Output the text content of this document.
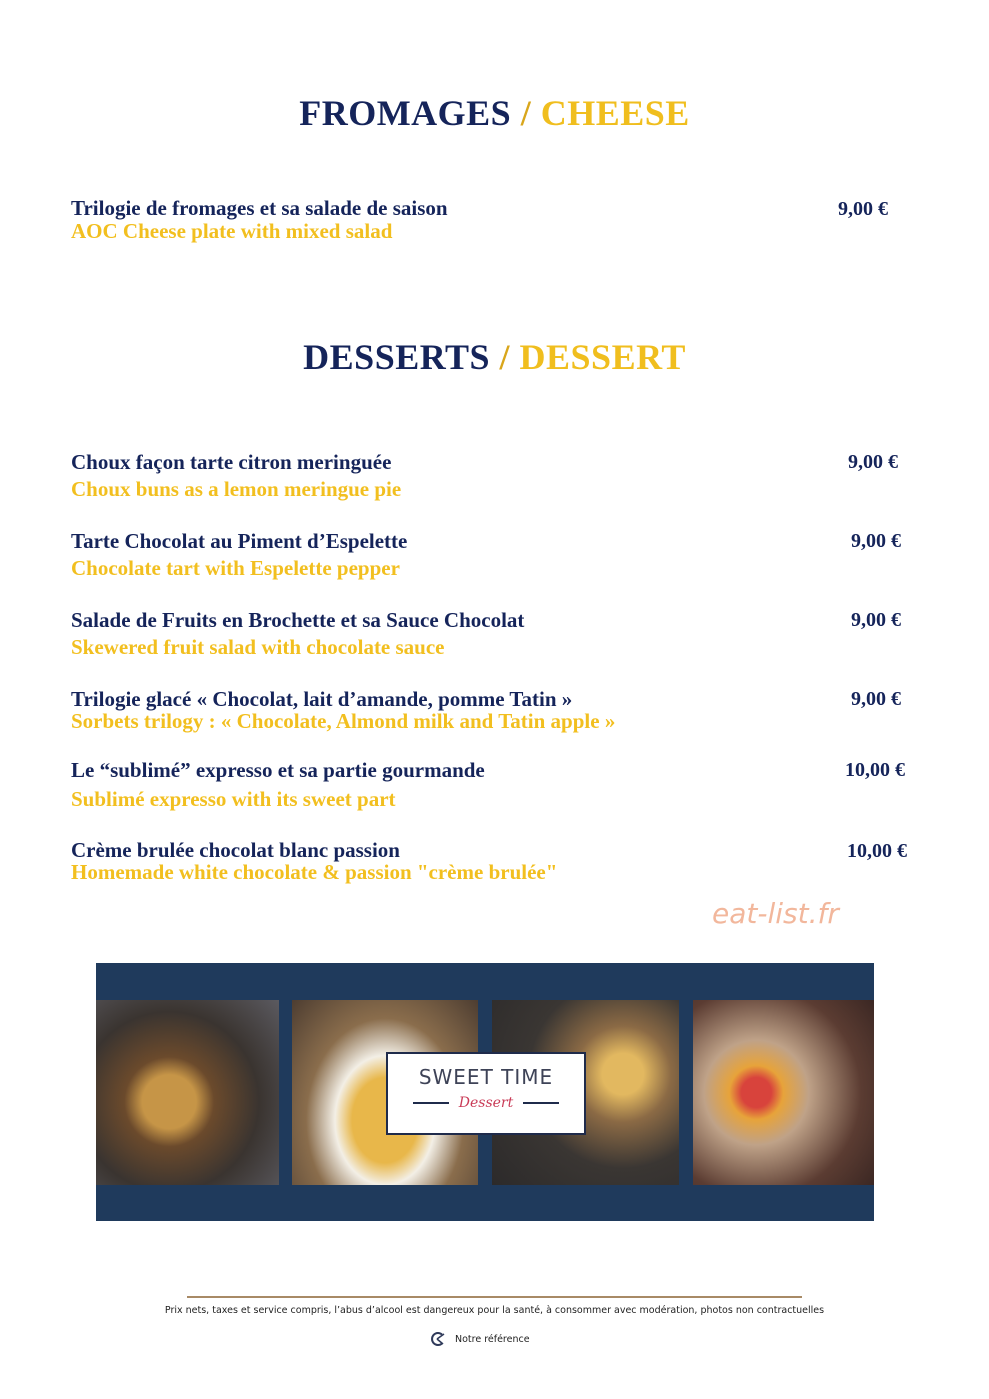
FROMAGES / CHEESE
Trilogie de fromages et sa salade de saison
AOC Cheese plate with mixed salad
9,00 €
DESSERTS / DESSERT
Choux façon tarte citron meringuée
Choux buns as a lemon meringue pie
9,00 €
Tarte Chocolat au Piment d’Espelette
Chocolate tart with Espelette pepper
9,00 €
Salade de Fruits en Brochette et sa Sauce Chocolat
Skewered fruit salad with chocolate sauce
9,00 €
Trilogie glacé « Chocolat, lait d’amande, pomme Tatin »
Sorbets trilogy : « Chocolate, Almond milk and Tatin apple »
9,00 €
Le “sublimé” expresso et sa partie gourmande
Sublimé expresso with its sweet part
10,00 €
Crème brulée chocolat blanc passion
Homemade white chocolate & passion "crème brulée"
10,00 €
eat-list.fr
SWEET TIME
Dessert
Prix nets, taxes et service compris, l’abus d’alcool est dangereux pour la santé, à consommer avec modération, photos non contractuelles
Notre référence
